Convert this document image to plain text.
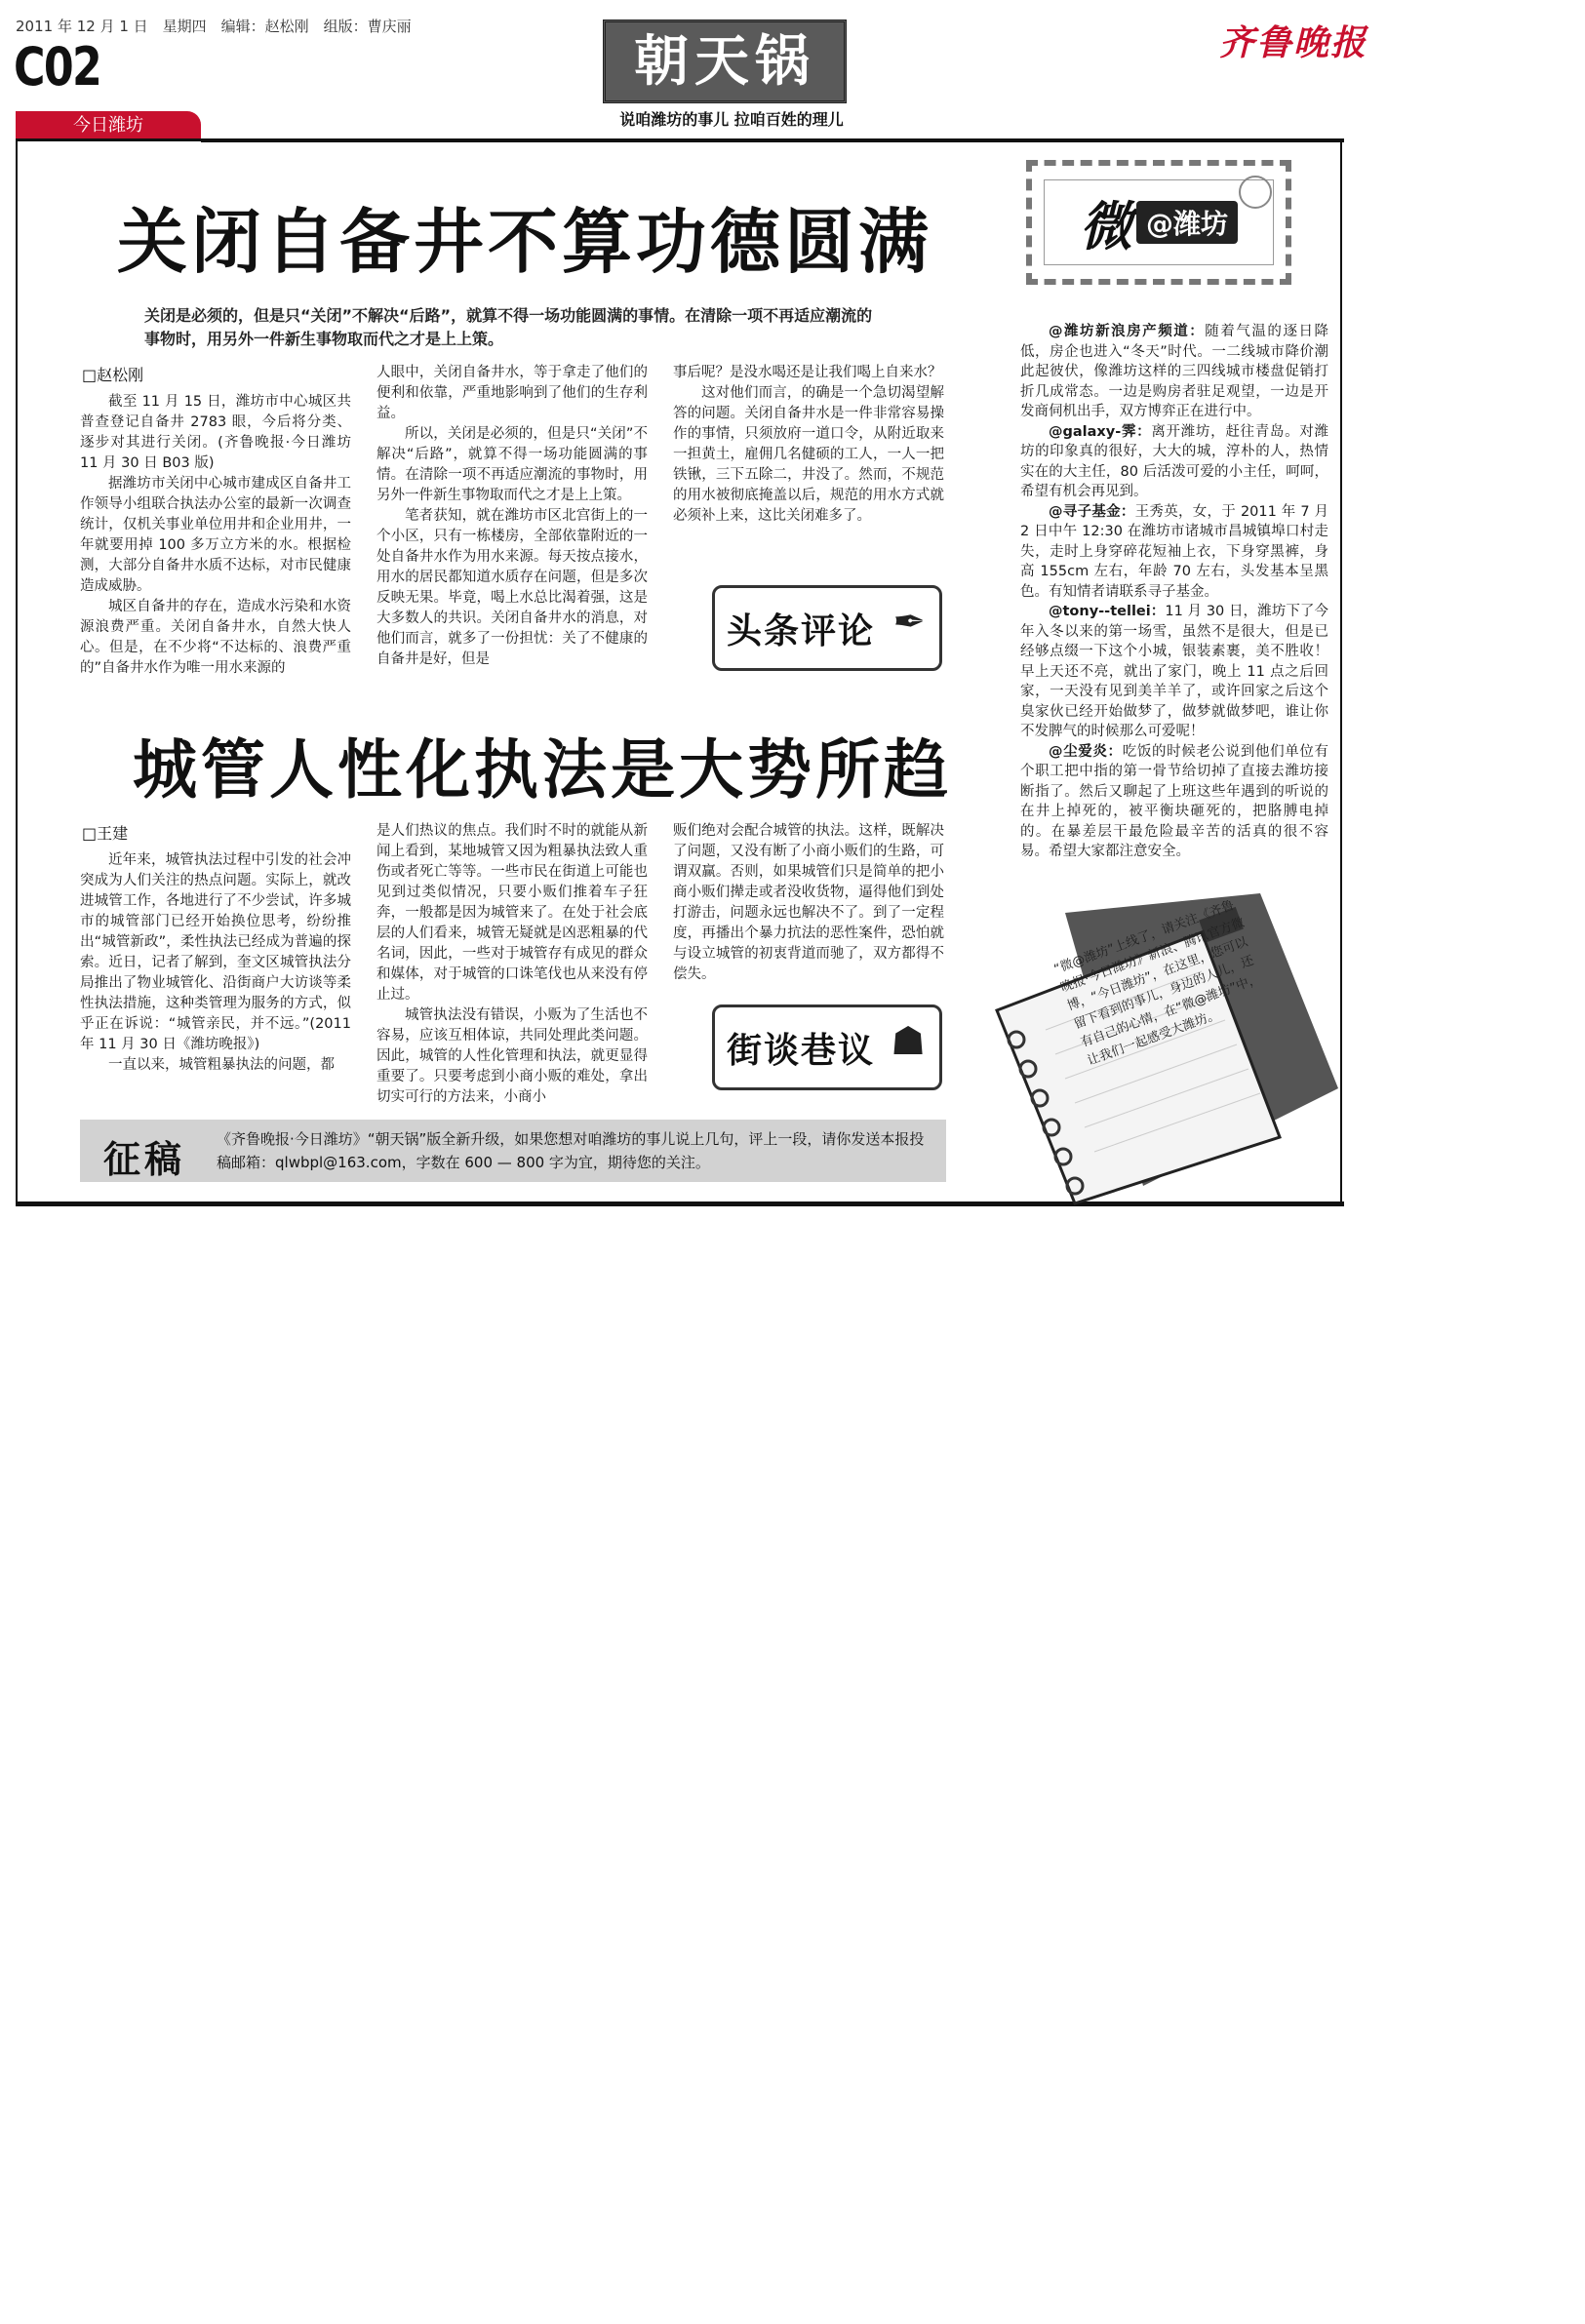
2011 年 12 月 1 日　星期四　编辑：赵松刚　组版：曹庆丽
C02
今日潍坊
朝天锅
说咱潍坊的事儿 拉咱百姓的理儿
齐鲁晚报
关闭自备井不算功德圆满
关闭是必须的，但是只“关闭”不解决“后路”，就算不得一场功能圆满的事情。在清除一项不再适应潮流的事物时，用另外一件新生事物取而代之才是上上策。
□赵松刚

截至 11 月 15 日，潍坊市中心城区共普查登记自备井 2783 眼，今后将分类、逐步对其进行关闭。(齐鲁晚报·今日潍坊 11 月 30 日 B03 版)

据潍坊市关闭中心城市建成区自备井工作领导小组联合执法办公室的最新一次调查统计，仅机关事业单位用井和企业用井，一年就要用掉 100 多万立方米的水。根据检测，大部分自备井水质不达标，对市民健康造成威胁。

城区自备井的存在，造成水污染和水资源浪费严重。关闭自备井水，自然大快人心。但是，在不少将“不达标的、浪费严重的”自备井水作为唯一用水来源的

人眼中，关闭自备井水，等于拿走了他们的便利和依靠，严重地影响到了他们的生存利益。

所以，关闭是必须的，但是只“关闭”不解决“后路”，就算不得一场功能圆满的事情。在清除一项不再适应潮流的事物时，用另外一件新生事物取而代之才是上上策。

笔者获知，就在潍坊市区北宫街上的一个小区，只有一栋楼房，全部依靠附近的一处自备井水作为用水来源。每天按点接水，用水的居民都知道水质存在问题，但是多次反映无果。毕竟，喝上水总比渴着强，这是大多数人的共识。关闭自备井水的消息，对他们而言，就多了一份担忧：关了不健康的自备井是好，但是

事后呢？是没水喝还是让我们喝上自来水？

这对他们而言，的确是一个急切渴望解答的问题。关闭自备井水是一件非常容易操作的事情，只须放府一道口令，从附近取来一担黄土，雇佣几名健硕的工人，一人一把铁锹，三下五除二，井没了。然而，不规范的用水被彻底掩盖以后，规范的用水方式就必须补上来，这比关闭难多了。

头条评论 ✒
城管人性化执法是大势所趋
□王建

近年来，城管执法过程中引发的社会冲突成为人们关注的热点问题。实际上，就改进城管工作，各地进行了不少尝试，许多城市的城管部门已经开始换位思考，纷纷推出“城管新政”，柔性执法已经成为普遍的探索。近日，记者了解到，奎文区城管执法分局推出了物业城管化、沿街商户大访谈等柔性执法措施，这种类管理为服务的方式，似乎正在诉说：“城管亲民，并不远。”(2011 年 11 月 30 日《潍坊晚报》)

一直以来，城管粗暴执法的问题，都

是人们热议的焦点。我们时不时的就能从新闻上看到，某地城管又因为粗暴执法致人重伤或者死亡等等。一些市民在街道上可能也见到过类似情况，只要小贩们推着车子狂奔，一般都是因为城管来了。在处于社会底层的人们看来，城管无疑就是凶恶粗暴的代名词，因此，一些对于城管存有成见的群众和媒体，对于城管的口诛笔伐也从来没有停止过。

城管执法没有错误，小贩为了生活也不容易，应该互相体谅，共同处理此类问题。因此，城管的人性化管理和执法，就更显得重要了。只要考虑到小商小贩的难处，拿出切实可行的方法来，小商小

贩们绝对会配合城管的执法。这样，既解决了问题，又没有断了小商小贩们的生路，可谓双赢。否则，如果城管们只是简单的把小商小贩们撵走或者没收货物，逼得他们到处打游击，问题永远也解决不了。到了一定程度，再播出个暴力抗法的恶性案件，恐怕就与设立城管的初衷背道而驰了，双方都得不偿失。

街谈巷议 ☗
微 @潍坊

@潍坊新浪房产频道：随着气温的逐日降低，房企也进入“冬天”时代。一二线城市降价潮此起彼伏，像潍坊这样的三四线城市楼盘促销打折几成常态。一边是购房者驻足观望，一边是开发商伺机出手，双方博弈正在进行中。

@galaxy-霁：离开潍坊，赶往青岛。对潍坊的印象真的很好，大大的城，淳朴的人，热情实在的大主任，80 后活泼可爱的小主任，呵呵，希望有机会再见到。

@寻子基金：王秀英，女，于 2011 年 7 月 2 日中午 12:30 在潍坊市诸城市昌城镇埠口村走失，走时上身穿碎花短袖上衣，下身穿黑裤，身高 155cm 左右，年龄 70 左右，头发基本呈黑色。有知情者请联系寻子基金。

@tony--tellei：11 月 30 日，潍坊下了今年入冬以来的第一场雪，虽然不是很大，但是已经够点缀一下这个小城，银装素裹，美不胜收！早上天还不亮，就出了家门，晚上 11 点之后回家，一天没有见到美羊羊了，或许回家之后这个臭家伙已经开始做梦了，做梦就做梦吧，谁让你不发脾气的时候那么可爱呢！

@尘爱炎：吃饭的时候老公说到他们单位有个职工把中指的第一骨节给切掉了直接去潍坊接断指了。然后又聊起了上班这些年遇到的听说的在井上掉死的，被平衡块砸死的，把胳膊电掉的。在暴差层干最危险最辛苦的活真的很不容易。希望大家都注意安全。

“微@潍坊”上线了，请关注《齐鲁晚报·今日潍坊》新浪、腾讯官方微博，“今日潍坊”，在这里，您可以留下看到的事儿，身边的人儿，还有自己的心情，在“微@潍坊”中，让我们一起感受大潍坊。
征稿 《齐鲁晚报·今日潍坊》“朝天锅”版全新升级，如果您想对咱潍坊的事儿说上几句，评上一段，请你发送本报投稿邮箱：qlwbpl@163.com，字数在 600 — 800 字为宜，期待您的关注。
